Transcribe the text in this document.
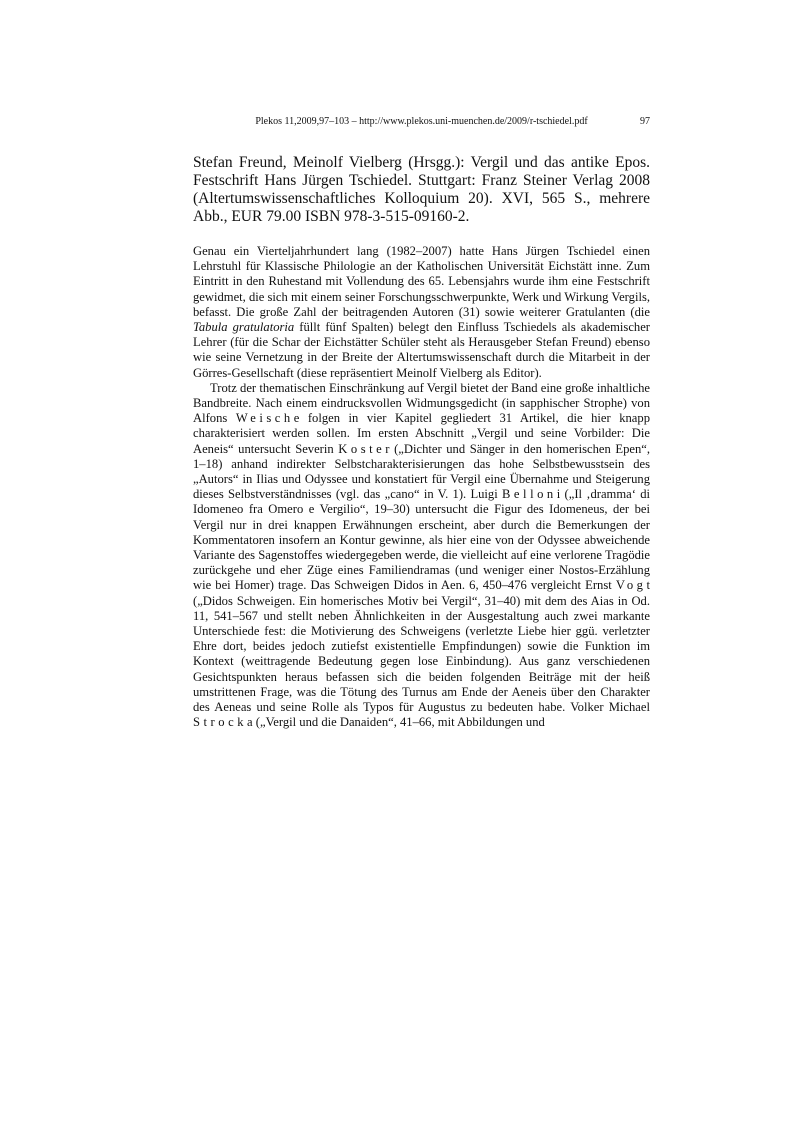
Plekos 11,2009,97–103 – http://www.plekos.uni-muenchen.de/2009/r-tschiedel.pdf	97
Stefan Freund, Meinolf Vielberg (Hrsgg.): Vergil und das antike Epos. Festschrift Hans Jürgen Tschiedel. Stuttgart: Franz Steiner Verlag 2008 (Altertumswissenschaftliches Kolloquium 20). XVI, 565 S., mehrere Abb., EUR 79.00 ISBN 978-3-515-09160-2.

Genau ein Vierteljahrhundert lang (1982–2007) hatte Hans Jürgen Tschiedel einen Lehrstuhl für Klassische Philologie an der Katholischen Universität Eichstätt inne. Zum Eintritt in den Ruhestand mit Vollendung des 65. Lebensjahrs wurde ihm eine Festschrift gewidmet, die sich mit einem seiner Forschungsschwerpunkte, Werk und Wirkung Vergils, befasst. Die große Zahl der beitragenden Autoren (31) sowie weiterer Gratulanten (die Tabula gratulatoria füllt fünf Spalten) belegt den Einfluss Tschiedels als akademischer Lehrer (für die Schar der Eichstätter Schüler steht als Herausgeber Stefan Freund) ebenso wie seine Vernetzung in der Breite der Altertumswissenschaft durch die Mitarbeit in der Görres-Gesellschaft (diese repräsentiert Meinolf Vielberg als Editor).

Trotz der thematischen Einschränkung auf Vergil bietet der Band eine große inhaltliche Bandbreite. Nach einem eindrucksvollen Widmungsgedicht (in sapphischer Strophe) von Alfons Weische folgen in vier Kapitel gegliedert 31 Artikel, die hier knapp charakterisiert werden sollen. Im ersten Abschnitt „Vergil und seine Vorbilder: Die Aeneis“ untersucht Severin Koster („Dichter und Sänger in den homerischen Epen“, 1–18) anhand indirekter Selbstcharakterisierungen das hohe Selbstbewusstsein des „Autors“ in Ilias und Odyssee und konstatiert für Vergil eine Übernahme und Steigerung dieses Selbstverständnisses (vgl. das „cano“ in V. 1). Luigi Belloni („Il ‚dramma‘ di Idomeneo fra Omero e Vergilio“, 19–30) untersucht die Figur des Idomeneus, der bei Vergil nur in drei knappen Erwähnungen erscheint, aber durch die Bemerkungen der Kommentatoren insofern an Kontur gewinne, als hier eine von der Odyssee abweichende Variante des Sagenstoffes wiedergegeben werde, die vielleicht auf eine verlorene Tragödie zurückgehe und eher Züge eines Familiendramas (und weniger einer Nostos-Erzählung wie bei Homer) trage. Das Schweigen Didos in Aen. 6, 450–476 vergleicht Ernst Vogt („Didos Schweigen. Ein homerisches Motiv bei Vergil“, 31–40) mit dem des Aias in Od. 11, 541–567 und stellt neben Ähnlichkeiten in der Ausgestaltung auch zwei markante Unterschiede fest: die Motivierung des Schweigens (verletzte Liebe hier ggü. verletzter Ehre dort, beides jedoch zutiefst existentielle Empfindungen) sowie die Funktion im Kontext (weittragende Bedeutung gegen lose Einbindung). Aus ganz verschiedenen Gesichtspunkten heraus befassen sich die beiden folgenden Beiträge mit der heiß umstrittenen Frage, was die Tötung des Turnus am Ende der Aeneis über den Charakter des Aeneas und seine Rolle als Typos für Augustus zu bedeuten habe. Volker Michael Strocka („Vergil und die Danaiden“, 41–66, mit Abbildungen und
